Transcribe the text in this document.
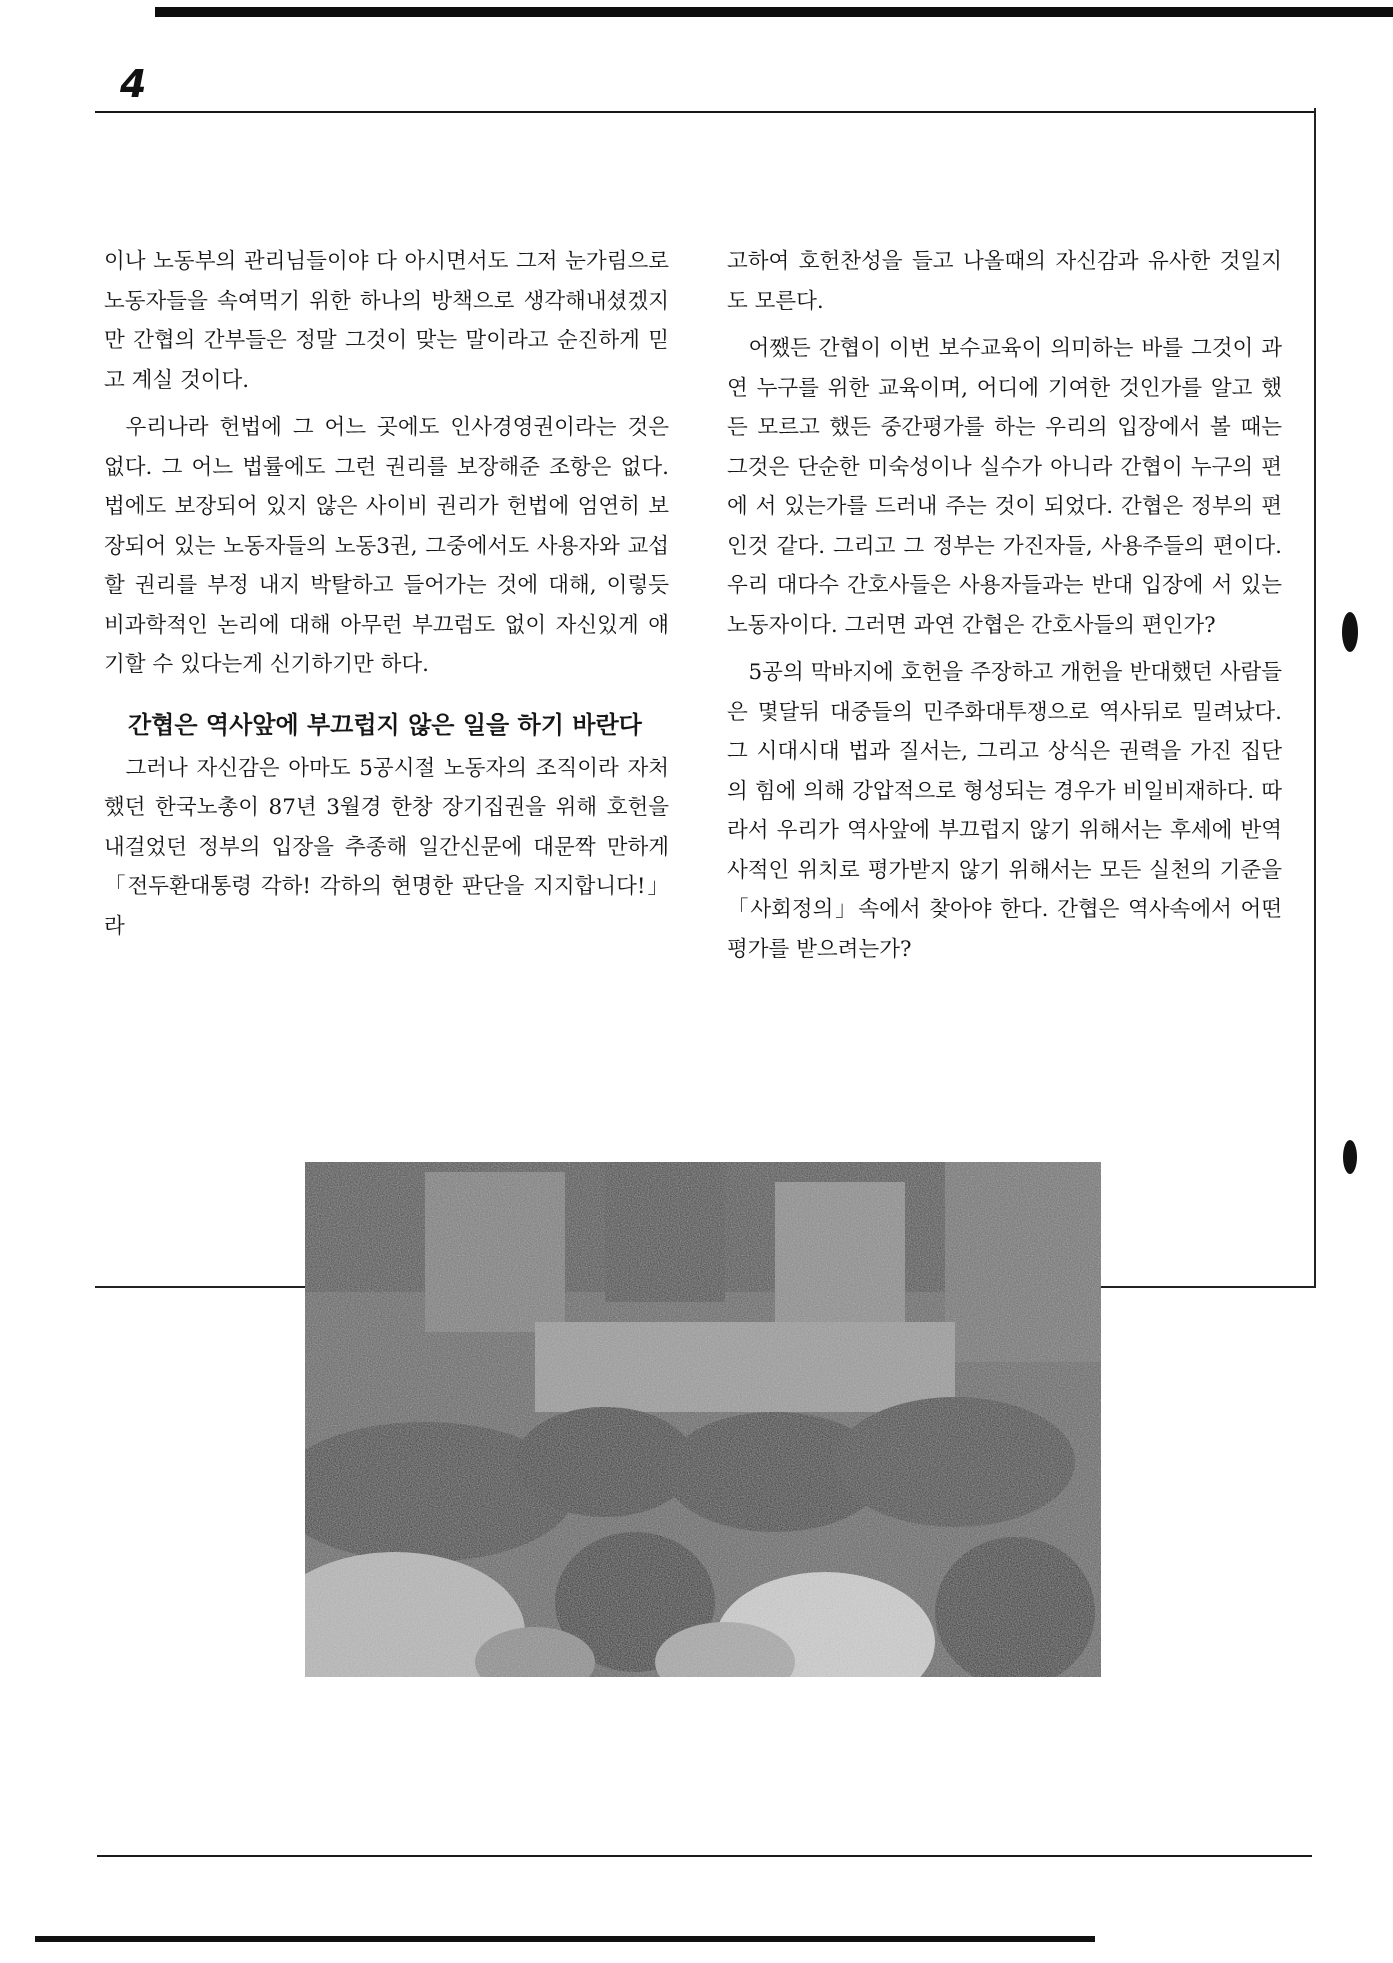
4

이나 노동부의 관리님들이야 다 아시면서도 그저 눈가림으로 노동자들을 속여먹기 위한 하나의 방책으로 생각해내셨겠지만 간협의 간부들은 정말 그것이 맞는 말이라고 순진하게 믿고 계실 것이다.

우리나라 헌법에 그 어느 곳에도 인사경영권이라는 것은 없다. 그 어느 법률에도 그런 권리를 보장해준 조항은 없다. 법에도 보장되어 있지 않은 사이비 권리가 헌법에 엄연히 보장되어 있는 노동자들의 노동3권, 그중에서도 사용자와 교섭할 권리를 부정 내지 박탈하고 들어가는 것에 대해, 이렇듯 비과학적인 논리에 대해 아무런 부끄럼도 없이 자신있게 얘기할 수 있다는게 신기하기만 하다.

간협은 역사앞에 부끄럽지 않은 일을 하기 바란다

그러나 자신감은 아마도 5공시절 노동자의 조직이라 자처했던 한국노총이 87년 3월경 한창 장기집권을 위해 호헌을 내걸었던 정부의 입장을 추종해 일간신문에 대문짝 만하게 「전두환대통령 각하! 각하의 현명한 판단을 지지합니다!」 라

고하여 호헌찬성을 들고 나올때의 자신감과 유사한 것일지도 모른다.

어쨌든 간협이 이번 보수교육이 의미하는 바를 그것이 과연 누구를 위한 교육이며, 어디에 기여한 것인가를 알고 했든 모르고 했든 중간평가를 하는 우리의 입장에서 볼 때는 그것은 단순한 미숙성이나 실수가 아니라 간협이 누구의 편에 서 있는가를 드러내 주는 것이 되었다. 간협은 정부의 편인것 같다. 그리고 그 정부는 가진자들, 사용주들의 편이다. 우리 대다수 간호사들은 사용자들과는 반대 입장에 서 있는 노동자이다. 그러면 과연 간협은 간호사들의 편인가?

5공의 막바지에 호헌을 주장하고 개헌을 반대했던 사람들은 몇달뒤 대중들의 민주화대투쟁으로 역사뒤로 밀려났다. 그 시대시대 법과 질서는, 그리고 상식은 권력을 가진 집단의 힘에 의해 강압적으로 형성되는 경우가 비일비재하다. 따라서 우리가 역사앞에 부끄럽지 않기 위해서는 후세에 반역사적인 위치로 평가받지 않기 위해서는 모든 실천의 기준을 「사회정의」속에서 찾아야 한다. 간협은 역사속에서 어떤 평가를 받으려는가?
